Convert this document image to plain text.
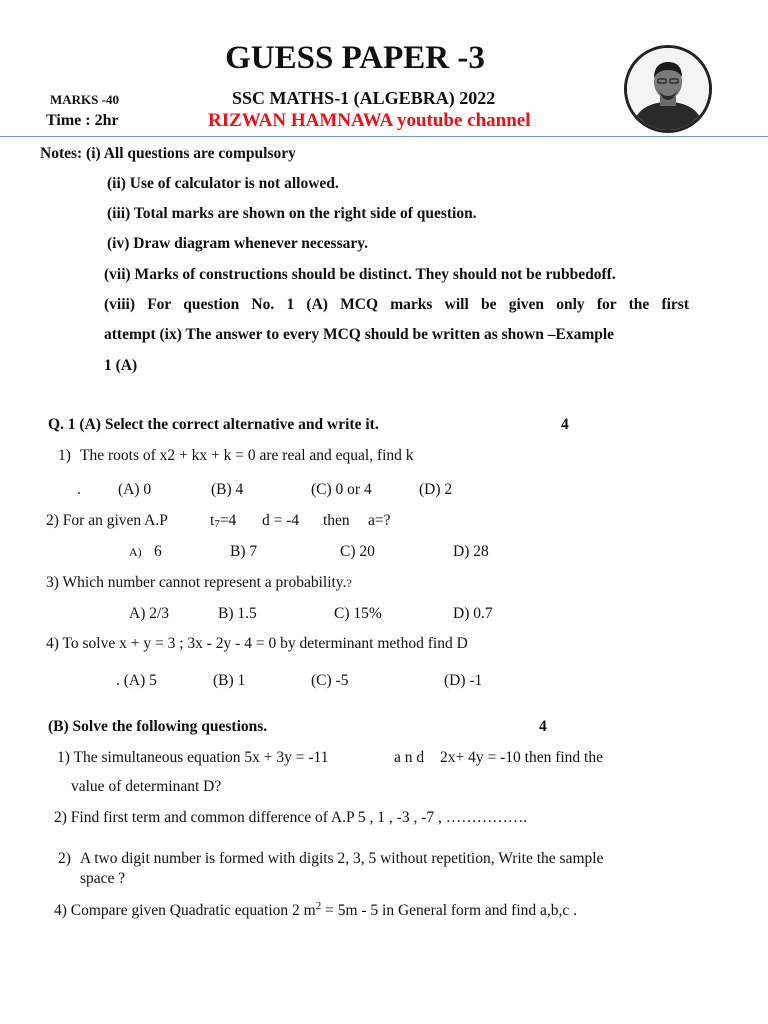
GUESS PAPER -3
MARKS -40
Time : 2hr
SSC MATHS-1 (ALGEBRA) 2022
RIZWAN HAMNAWA youtube channel
Notes: (i) All questions are compulsory
(ii) Use of calculator is not allowed.
(iii) Total marks are shown on the right side of question.
(iv) Draw diagram whenever necessary.
(vii) Marks of constructions should be distinct. They should not be rubbedoff.
(viii) For question No. 1 (A) MCQ marks will be given only for the first
attempt (ix) The answer to every MCQ should be written as shown –Example
1 (A)
Q. 1 (A) Select the correct alternative and write it.	4
1) The roots of x2 + kx + k = 0 are real and equal, find k
. (A) 0	(B) 4	(C) 0 or 4	(D) 2
2) For an given A.P	t7=4 d = -4 then a=?
A) 6	B) 7	C) 20	D) 28
3) Which number cannot represent a probability.?
A) 2/3	B) 1.5	C) 15%	D) 0.7
4) To solve x + y = 3 ; 3x - 2y - 4 = 0 by determinant method find D
. (A) 5	(B) 1	(C) -5	(D) -1
(B) Solve the following questions.	4
1) The simultaneous equation 5x + 3y = -11	a n d 2x+ 4y = -10 then find the
value of determinant D?
2) Find first term and common difference of A.P 5 , 1 , -3 , -7 , …………….
2) A two digit number is formed with digits 2, 3, 5 without repetition, Write the sample
space ?
4) Compare given Quadratic equation 2 $m^2 = 5m - 5$ in General form and find a,b,c .
